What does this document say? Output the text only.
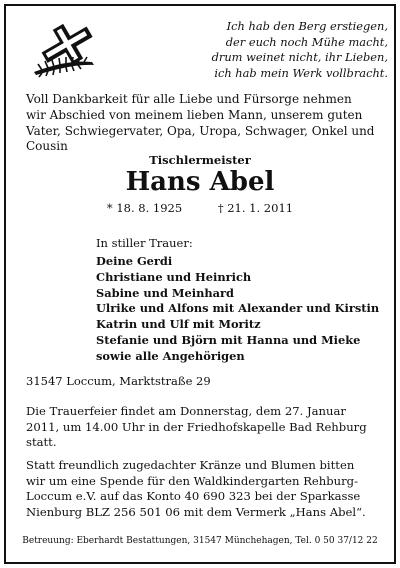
Ich hab den Berg erstiegen,
der euch noch Mühe macht,
drum weinet nicht, ihr Lieben,
ich hab mein Werk vollbracht.
Voll Dankbarkeit für alle Liebe und Fürsorge nehmen
wir Abschied von meinem lieben Mann, unserem guten
Vater, Schwiegervater, Opa, Uropa, Schwager, Onkel und
Cousin
Tischlermeister
Hans Abel
* 18. 8. 1925	† 21. 1. 2011
In stiller Trauer:
Deine Gerdi
Christiane und Heinrich
Sabine und Meinhard
Ulrike und Alfons mit Alexander und Kirstin
Katrin und Ulf mit Moritz
Stefanie und Björn mit Hanna und Mieke
sowie alle Angehörigen
31547 Loccum, Marktstraße 29
Die Trauerfeier findet am Donnerstag, dem 27. Januar
2011, um 14.00 Uhr in der Friedhofskapelle Bad Rehburg
statt.
Statt freundlich zugedachter Kränze und Blumen bitten
wir um eine Spende für den Waldkindergarten Rehburg-
Loccum e.V. auf das Konto 40 690 323 bei der Sparkasse
Nienburg BLZ 256 501 06 mit dem Vermerk „Hans Abel“.
Betreuung: Eberhardt Bestattungen, 31547 Münchehagen, Tel. 0 50 37/12 22
